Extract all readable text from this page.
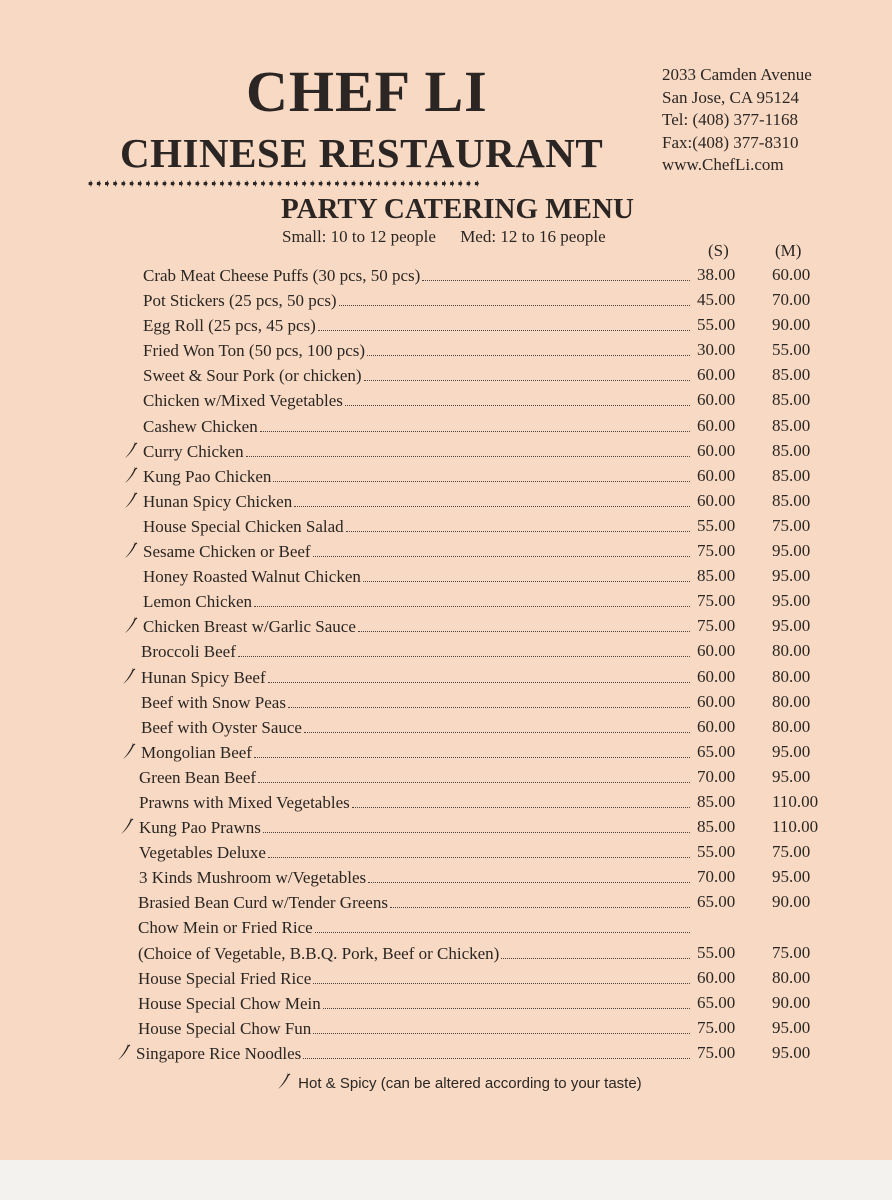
CHEF LI
CHINESE RESTAURANT
2033 Camden Avenue
San Jose, CA 95124
Tel: (408) 377-1168
Fax:(408) 377-8310
www.ChefLi.com
➧➧➧➧➧➧➧➧➧➧➧➧➧➧➧➧➧➧➧➧➧➧➧➧➧➧➧➧➧➧➧➧➧➧➧➧➧➧➧➧➧➧➧➧➧➧➧➧
PARTY CATERING MENU
Small: 10 to 12 people Med: 12 to 16 people
(S)	(M)
Crab Meat Cheese Puffs (30 pcs, 50 pcs)	38.00 60.00
Pot Stickers (25 pcs, 50 pcs)	45.00 70.00
Egg Roll (25 pcs, 45 pcs)	55.00 90.00
Fried Won Ton (50 pcs, 100 pcs)	30.00 55.00
Sweet & Sour Pork (or chicken)	60.00 85.00
Chicken w/Mixed Vegetables	60.00 85.00
Cashew Chicken	60.00 85.00
Curry Chicken	60.00 85.00
Kung Pao Chicken	60.00 85.00
Hunan Spicy Chicken	60.00 85.00
House Special Chicken Salad	55.00 75.00
Sesame Chicken or Beef	75.00 95.00
Honey Roasted Walnut Chicken	85.00 95.00
Lemon Chicken	75.00 95.00
Chicken Breast w/Garlic Sauce	75.00 95.00
Broccoli Beef	60.00 80.00
Hunan Spicy Beef	60.00 80.00
Beef with Snow Peas	60.00 80.00
Beef with Oyster Sauce	60.00 80.00
Mongolian Beef	65.00 95.00
Green Bean Beef	70.00 95.00
Prawns with Mixed Vegetables	85.00 110.00
Kung Pao Prawns	85.00 110.00
Vegetables Deluxe	55.00 75.00
3 Kinds Mushroom w/Vegetables	70.00 95.00
Brasied Bean Curd w/Tender Greens	65.00 90.00
Chow Mein or Fried Rice
(Choice of Vegetable, B.B.Q. Pork, Beef or Chicken)	55.00 75.00
House Special Fried Rice	60.00 80.00
House Special Chow Mein	65.00 90.00
House Special Chow Fun	75.00 95.00
Singapore Rice Noodles	75.00 95.00
Hot & Spicy (can be altered according to your taste)
